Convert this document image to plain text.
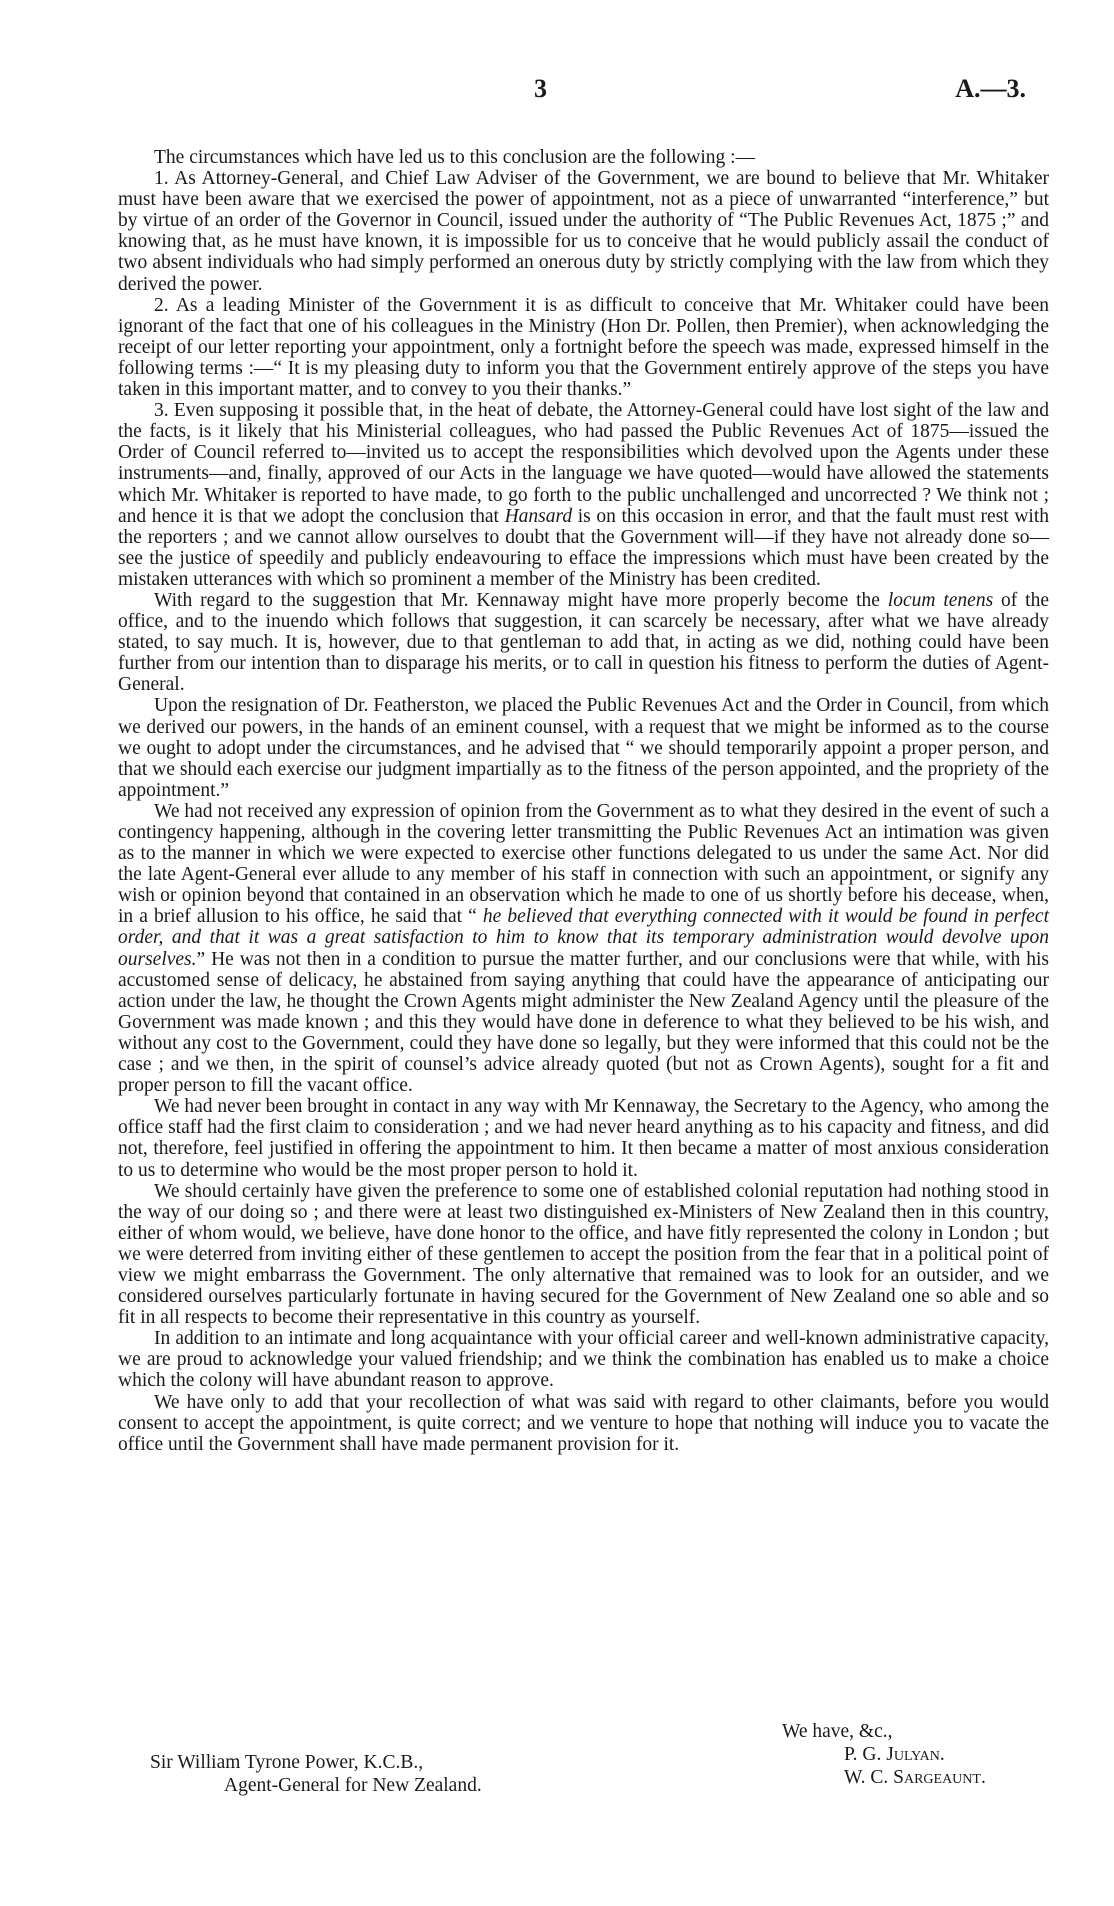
3	A.—3.

The circumstances which have led us to this conclusion are the following :—

1. As Attorney-General, and Chief Law Adviser of the Government, we are bound to believe that Mr. Whitaker must have been aware that we exercised the power of appointment, not as a piece of unwarranted “interference,” but by virtue of an order of the Governor in Council, issued under the authority of “The Public Revenues Act, 1875 ;” and knowing that, as he must have known, it is impossible for us to conceive that he would publicly assail the conduct of two absent individuals who had simply performed an onerous duty by strictly complying with the law from which they derived the power.

2. As a leading Minister of the Government it is as difficult to conceive that Mr. Whitaker could have been ignorant of the fact that one of his colleagues in the Ministry (Hon Dr. Pollen, then Premier), when acknowledging the receipt of our letter reporting your appointment, only a fortnight before the speech was made, expressed himself in the following terms :—“ It is my pleasing duty to inform you that the Government entirely approve of the steps you have taken in this important matter, and to convey to you their thanks.”

3. Even supposing it possible that, in the heat of debate, the Attorney-General could have lost sight of the law and the facts, is it likely that his Ministerial colleagues, who had passed the Public Revenues Act of 1875—issued the Order of Council referred to—invited us to accept the responsibilities which devolved upon the Agents under these instruments—and, finally, approved of our Acts in the language we have quoted—would have allowed the statements which Mr. Whitaker is reported to have made, to go forth to the public unchallenged and uncorrected ? We think not ; and hence it is that we adopt the conclusion that Hansard is on this occasion in error, and that the fault must rest with the reporters ; and we cannot allow ourselves to doubt that the Government will—if they have not already done so—see the justice of speedily and publicly endeavouring to efface the impressions which must have been created by the mistaken utterances with which so prominent a member of the Ministry has been credited.

With regard to the suggestion that Mr. Kennaway might have more properly become the locum tenens of the office, and to the inuendo which follows that suggestion, it can scarcely be necessary, after what we have already stated, to say much. It is, however, due to that gentleman to add that, in acting as we did, nothing could have been further from our intention than to disparage his merits, or to call in question his fitness to perform the duties of Agent-General.

Upon the resignation of Dr. Featherston, we placed the Public Revenues Act and the Order in Council, from which we derived our powers, in the hands of an eminent counsel, with a request that we might be informed as to the course we ought to adopt under the circumstances, and he advised that “ we should temporarily appoint a proper person, and that we should each exercise our judgment impartially as to the fitness of the person appointed, and the propriety of the appointment.”

We had not received any expression of opinion from the Government as to what they desired in the event of such a contingency happening, although in the covering letter transmitting the Public Revenues Act an intimation was given as to the manner in which we were expected to exercise other functions delegated to us under the same Act. Nor did the late Agent-General ever allude to any member of his staff in connection with such an appointment, or signify any wish or opinion beyond that contained in an observation which he made to one of us shortly before his decease, when, in a brief allusion to his office, he said that “ he believed that everything connected with it would be found in perfect order, and that it was a great satisfaction to him to know that its temporary administration would devolve upon ourselves.” He was not then in a condition to pursue the matter further, and our conclusions were that while, with his accustomed sense of delicacy, he abstained from saying anything that could have the appearance of anticipating our action under the law, he thought the Crown Agents might administer the New Zealand Agency until the pleasure of the Government was made known ; and this they would have done in deference to what they believed to be his wish, and without any cost to the Government, could they have done so legally, but they were informed that this could not be the case ; and we then, in the spirit of counsel’s advice already quoted (but not as Crown Agents), sought for a fit and proper person to fill the vacant office.

We had never been brought in contact in any way with Mr Kennaway, the Secretary to the Agency, who among the office staff had the first claim to consideration ; and we had never heard anything as to his capacity and fitness, and did not, therefore, feel justified in offering the appointment to him. It then became a matter of most anxious consideration to us to determine who would be the most proper person to hold it.

We should certainly have given the preference to some one of established colonial reputation had nothing stood in the way of our doing so ; and there were at least two distinguished ex-Ministers of New Zealand then in this country, either of whom would, we believe, have done honor to the office, and have fitly represented the colony in London ; but we were deterred from inviting either of these gentlemen to accept the position from the fear that in a political point of view we might embarrass the Government. The only alternative that remained was to look for an outsider, and we considered ourselves particularly fortunate in having secured for the Government of New Zealand one so able and so fit in all respects to become their representative in this country as yourself.

In addition to an intimate and long acquaintance with your official career and well-known administrative capacity, we are proud to acknowledge your valued friendship; and we think the combination has enabled us to make a choice which the colony will have abundant reason to approve.

We have only to add that your recollection of what was said with regard to other claimants, before you would consent to accept the appointment, is quite correct; and we venture to hope that nothing will induce you to vacate the office until the Government shall have made permanent provision for it.

Sir William Tyrone Power, K.C.B.,
Agent-General for New Zealand.
We have, &c.,
P. G. Julyan.
W. C. Sargeaunt.
